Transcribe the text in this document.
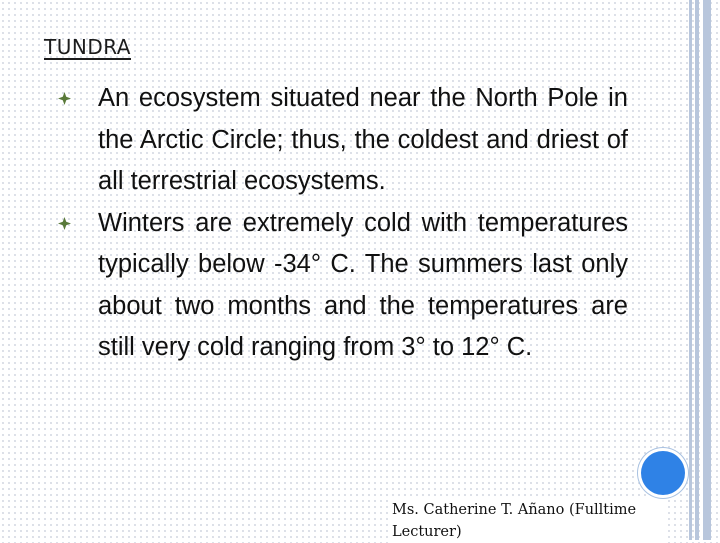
TUNDRA
An ecosystem situated near the North Pole in the Arctic Circle; thus, the coldest and driest of all terrestrial ecosystems.
Winters are extremely cold with temperatures typically below -34° C. The summers last only about two months and the temperatures are still very cold ranging from 3° to 12° C.
Ms. Catherine T. Añano (Fulltime Lecturer)
